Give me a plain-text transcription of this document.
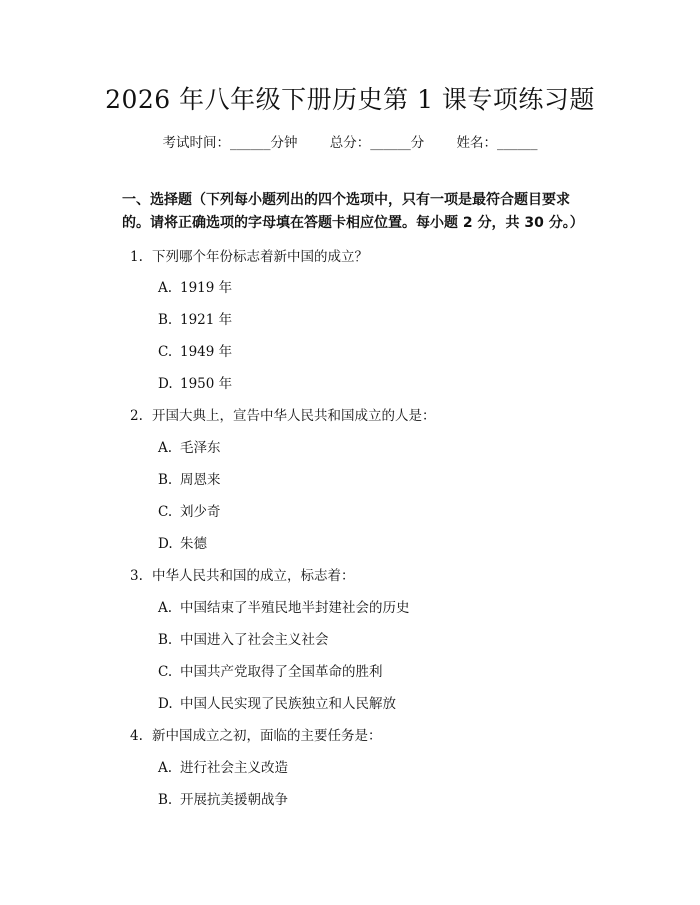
2026 年八年级下册历史第 1 课专项练习题
考试时间：______分钟 总分：______分 姓名：______
一、选择题（下列每小题列出的四个选项中，只有一项是最符合题目要求的。请将正确选项的字母填在答题卡相应位置。每小题 2 分，共 30 分。）
1. 下列哪个年份标志着新中国的成立？
A. 1919 年
B. 1921 年
C. 1949 年
D. 1950 年
2. 开国大典上，宣告中华人民共和国成立的人是：
A. 毛泽东
B. 周恩来
C. 刘少奇
D. 朱德
3. 中华人民共和国的成立，标志着：
A. 中国结束了半殖民地半封建社会的历史
B. 中国进入了社会主义社会
C. 中国共产党取得了全国革命的胜利
D. 中国人民实现了民族独立和人民解放
4. 新中国成立之初，面临的主要任务是：
A. 进行社会主义改造
B. 开展抗美援朝战争
